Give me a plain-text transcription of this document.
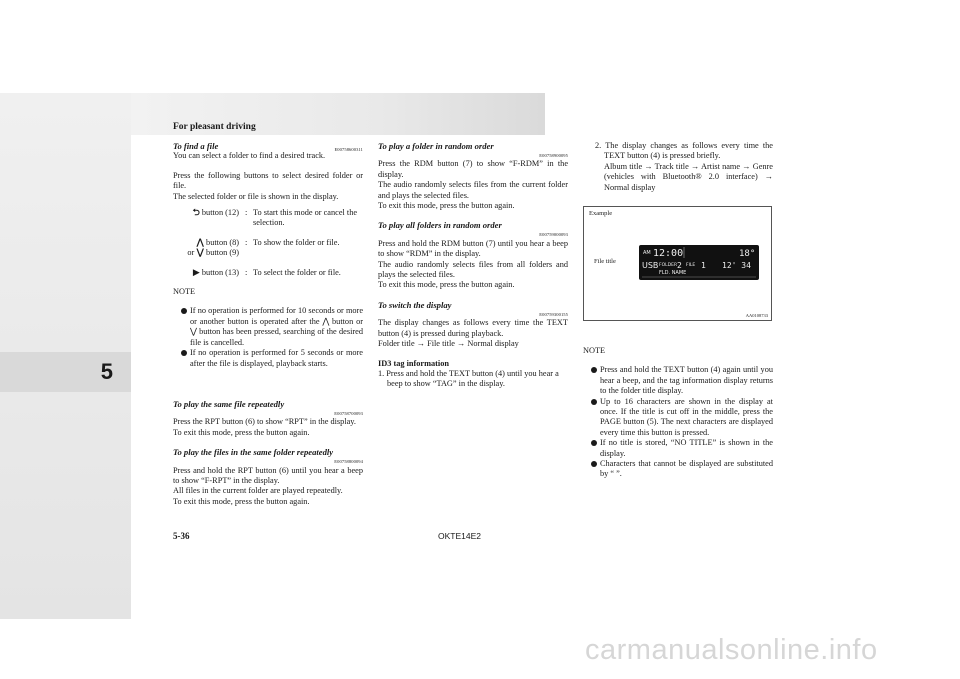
5
For pleasant driving
To find a file	E00758600311

You can select a folder to find a desired track.

Press the following buttons to select desired folder or file.
The selected folder or file is shown in the display.

⮌ button (12) : To start this mode or cancel the selection.
⋀ button (8)
or ⋁ button (9)
: To show the folder or file.
▶ button (13) : To select the folder or file.

NOTE

If no operation is performed for 10 seconds or more or another button is operated after the ⋀ button or ⋁ button has been pressed, searching of the desired file is cancelled.
If no operation is performed for 5 seconds or more after the file is displayed, playback starts.
To play the same file repeatedly
E00758700093

Press the RPT button (6) to show “RPT” in the display.
To exit this mode, press the button again.

To play the files in the same folder repeatedly
E00758800094

Press and hold the RPT button (6) until you hear a beep to show “F-RPT” in the display.
All files in the current folder are played repeatedly.
To exit this mode, press the button again.

To play a folder in random order
E00758900095

Press the RDM button (7) to show “F-RDM” in the display.
The audio randomly selects files from the current folder and plays the selected files.
To exit this mode, press the button again.

To play all folders in random order
E00759000093

Press and hold the RDM button (7) until you hear a beep to show “RDM” in the display.
The audio randomly selects files from all folders and plays the selected files.
To exit this mode, press the button again.

To switch the display
E00759300155

The display changes as follows every time the TEXT button (4) is pressed during playback.
Folder title → File title → Normal display

ID3 tag information

1. Press and hold the TEXT button (4) until you hear a beep to show “TAG” in the display.

2. The display changes as follows every time the TEXT button (4) is pressed briefly.

Album title → Track title → Artist name → Genre (vehicles with Bluetooth® 2.0 interface) → Normal display

Example
File title
AM 12:00	18°
USB FOLDER 2 FILE 1 12' 34
FLD. NAME
AA0108733

NOTE

Press and hold the TEXT button (4) again until you hear a beep, and the tag information display returns to the folder title display.
Up to 16 characters are shown in the display at once. If the title is cut off in the middle, press the PAGE button (5). The next characters are displayed every time this button is pressed.
If no title is stored, “NO TITLE” is shown in the display.
Characters that cannot be displayed are substituted by “ ”.
5-36	OKTE14E2
carmanualsonline.info
